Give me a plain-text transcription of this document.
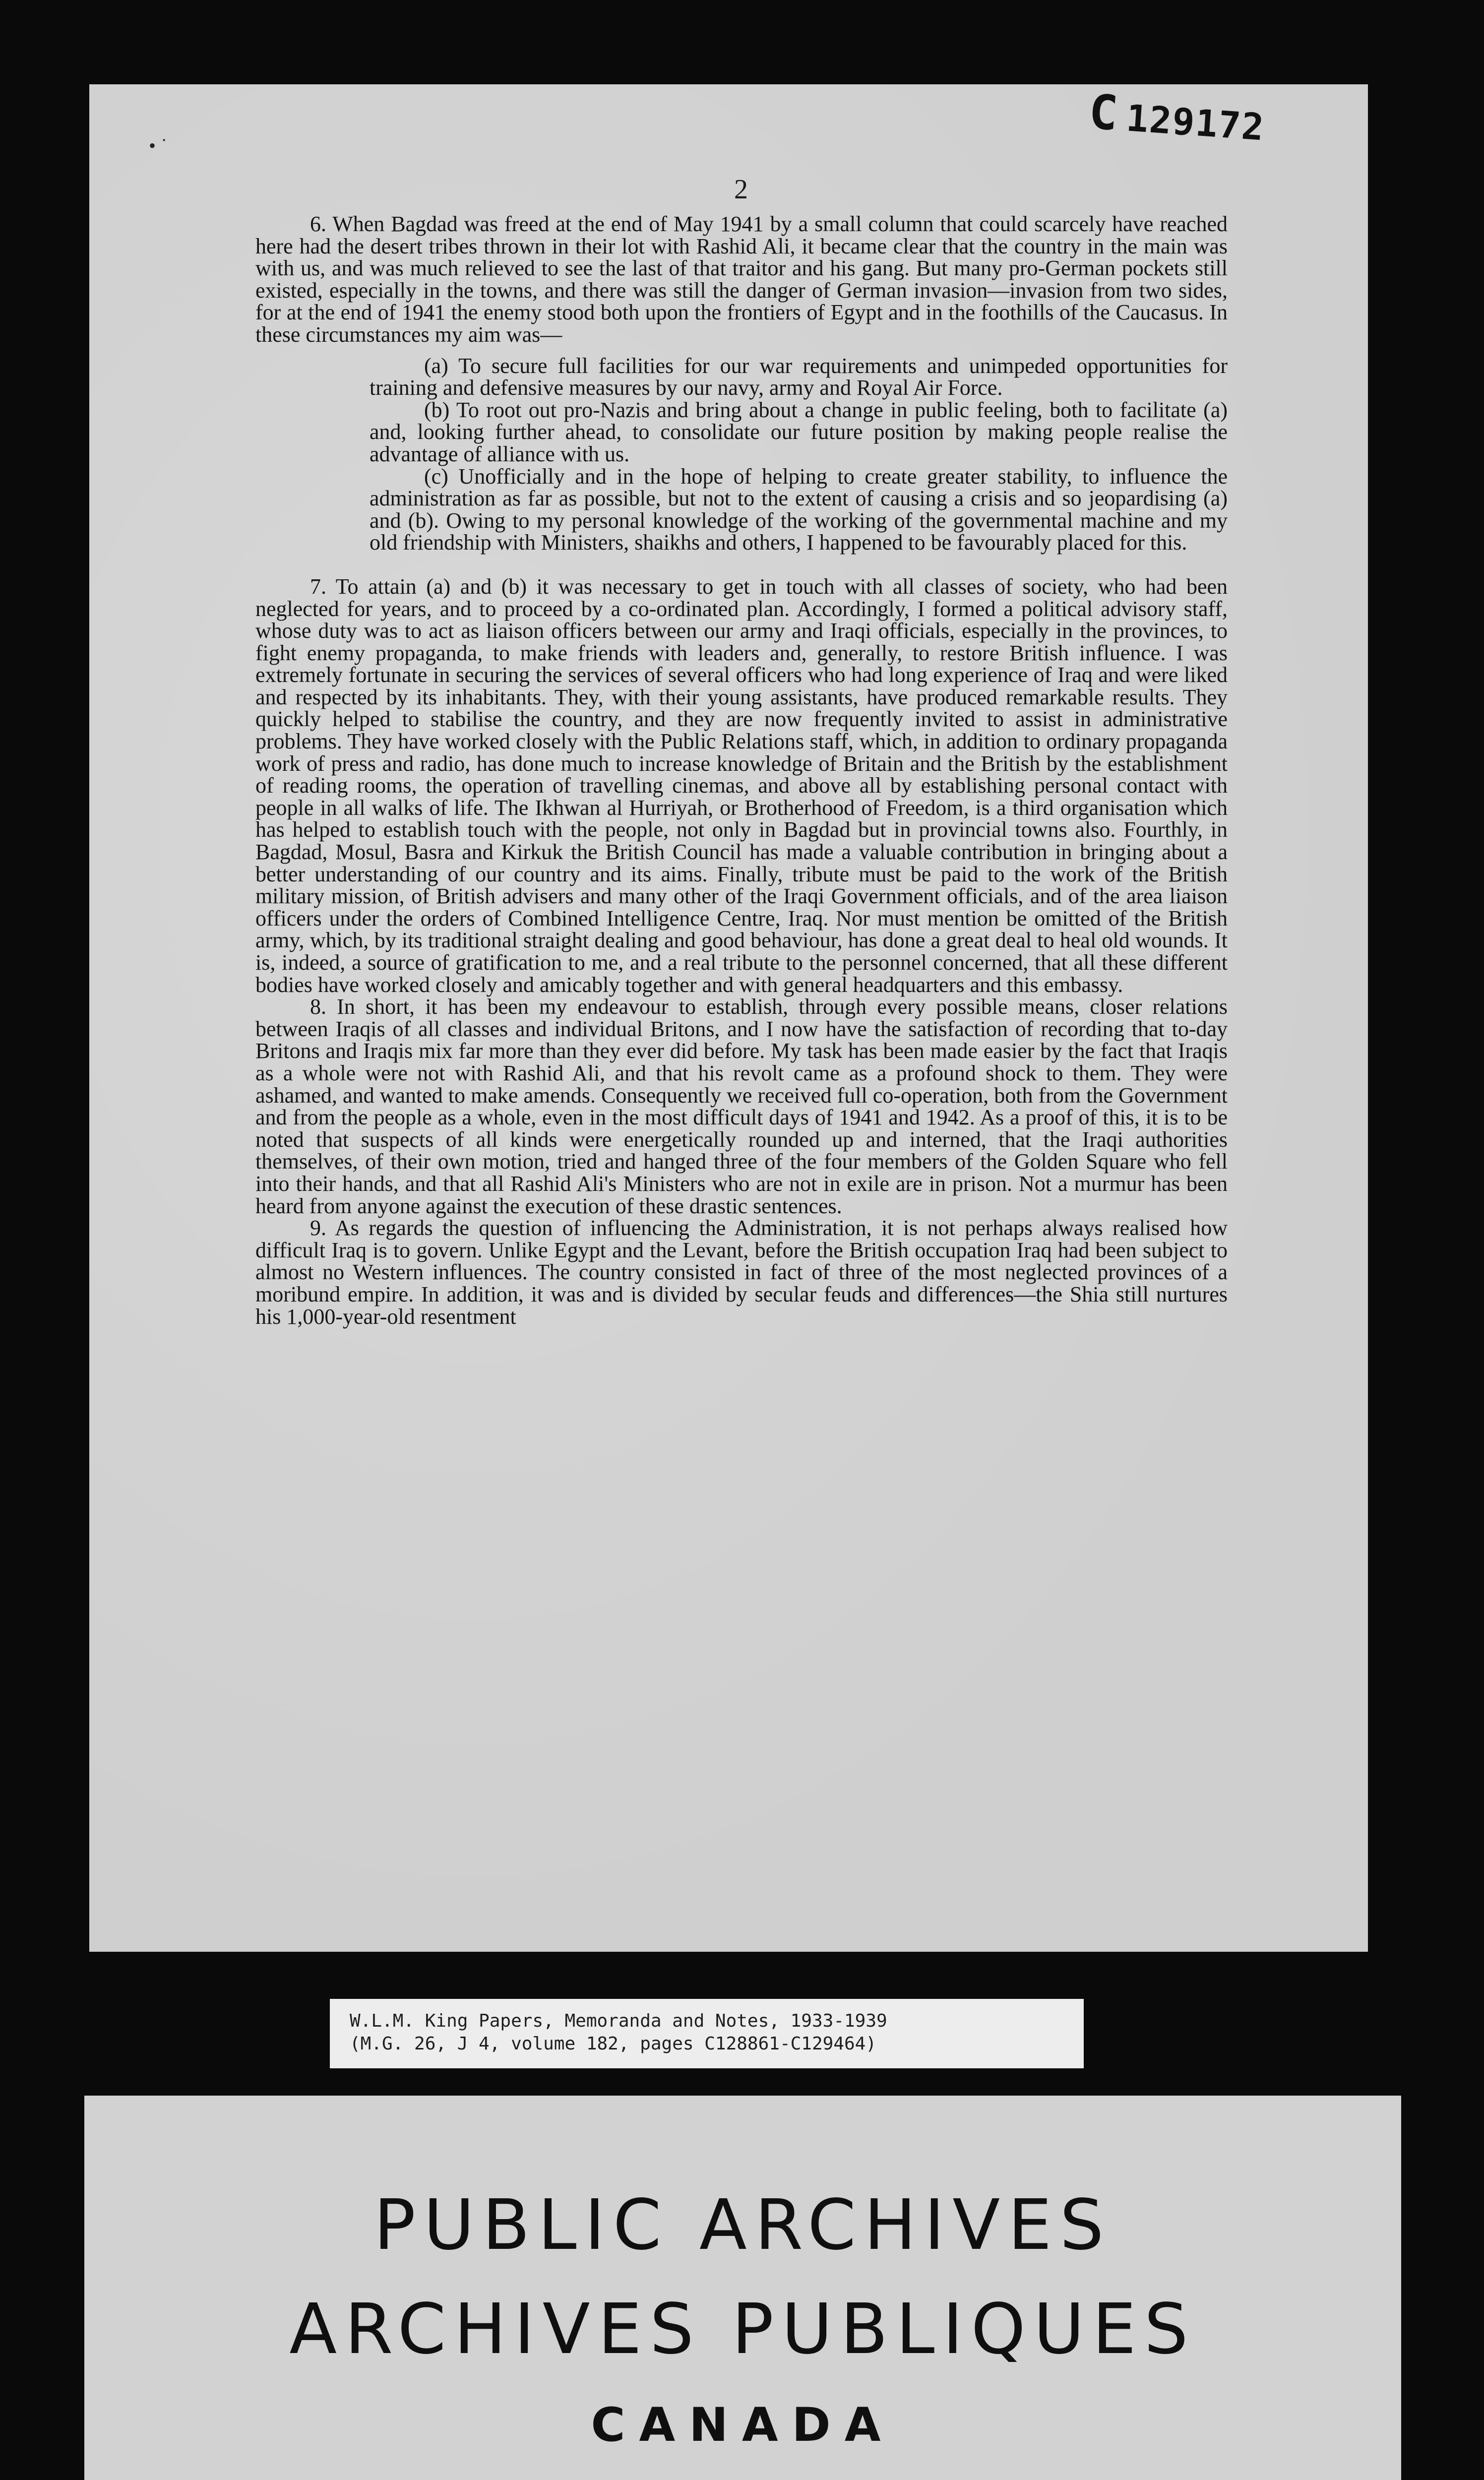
• ˙
C 129172
2

6. When Bagdad was freed at the end of May 1941 by a small column that could scarcely have reached here had the desert tribes thrown in their lot with Rashid Ali, it became clear that the country in the main was with us, and was much relieved to see the last of that traitor and his gang. But many pro-German pockets still existed, especially in the towns, and there was still the danger of German invasion—invasion from two sides, for at the end of 1941 the enemy stood both upon the frontiers of Egypt and in the foothills of the Caucasus. In these circumstances my aim was—

(a) To secure full facilities for our war requirements and unimpeded opportunities for training and defensive measures by our navy, army and Royal Air Force.

(b) To root out pro-Nazis and bring about a change in public feeling, both to facilitate (a) and, looking further ahead, to consolidate our future position by making people realise the advantage of alliance with us.

(c) Unofficially and in the hope of helping to create greater stability, to influence the administration as far as possible, but not to the extent of causing a crisis and so jeopardising (a) and (b). Owing to my personal knowledge of the working of the governmental machine and my old friendship with Ministers, shaikhs and others, I happened to be favourably placed for this.

7. To attain (a) and (b) it was necessary to get in touch with all classes of society, who had been neglected for years, and to proceed by a co-ordinated plan. Accordingly, I formed a political advisory staff, whose duty was to act as liaison officers between our army and Iraqi officials, especially in the provinces, to fight enemy propaganda, to make friends with leaders and, generally, to restore British influence. I was extremely fortunate in securing the services of several officers who had long experience of Iraq and were liked and respected by its inhabitants. They, with their young assistants, have produced remarkable results. They quickly helped to stabilise the country, and they are now frequently invited to assist in administrative problems. They have worked closely with the Public Relations staff, which, in addition to ordinary propaganda work of press and radio, has done much to increase knowledge of Britain and the British by the establishment of reading rooms, the operation of travelling cinemas, and above all by establishing personal contact with people in all walks of life. The Ikhwan al Hurriyah, or Brotherhood of Freedom, is a third organisation which has helped to establish touch with the people, not only in Bagdad but in provincial towns also. Fourthly, in Bagdad, Mosul, Basra and Kirkuk the British Council has made a valuable contribution in bringing about a better understanding of our country and its aims. Finally, tribute must be paid to the work of the British military mission, of British advisers and many other of the Iraqi Government officials, and of the area liaison officers under the orders of Combined Intelligence Centre, Iraq. Nor must mention be omitted of the British army, which, by its traditional straight dealing and good behaviour, has done a great deal to heal old wounds. It is, indeed, a source of gratification to me, and a real tribute to the personnel concerned, that all these different bodies have worked closely and amicably together and with general headquarters and this embassy.

8. In short, it has been my endeavour to establish, through every possible means, closer relations between Iraqis of all classes and individual Britons, and I now have the satisfaction of recording that to-day Britons and Iraqis mix far more than they ever did before. My task has been made easier by the fact that Iraqis as a whole were not with Rashid Ali, and that his revolt came as a profound shock to them. They were ashamed, and wanted to make amends. Consequently we received full co-operation, both from the Government and from the people as a whole, even in the most difficult days of 1941 and 1942. As a proof of this, it is to be noted that suspects of all kinds were energetically rounded up and interned, that the Iraqi authorities themselves, of their own motion, tried and hanged three of the four members of the Golden Square who fell into their hands, and that all Rashid Ali's Ministers who are not in exile are in prison. Not a murmur has been heard from anyone against the execution of these drastic sentences.

9. As regards the question of influencing the Administration, it is not perhaps always realised how difficult Iraq is to govern. Unlike Egypt and the Levant, before the British occupation Iraq had been subject to almost no Western influences. The country consisted in fact of three of the most neglected provinces of a moribund empire. In addition, it was and is divided by secular feuds and differences—the Shia still nurtures his 1,000-year-old resentment

W.L.M. King Papers, Memoranda and Notes, 1933-1939
(M.G. 26, J 4, volume 182, pages C128861-C129464)
PUBLIC ARCHIVES
ARCHIVES PUBLIQUES
CANADA
